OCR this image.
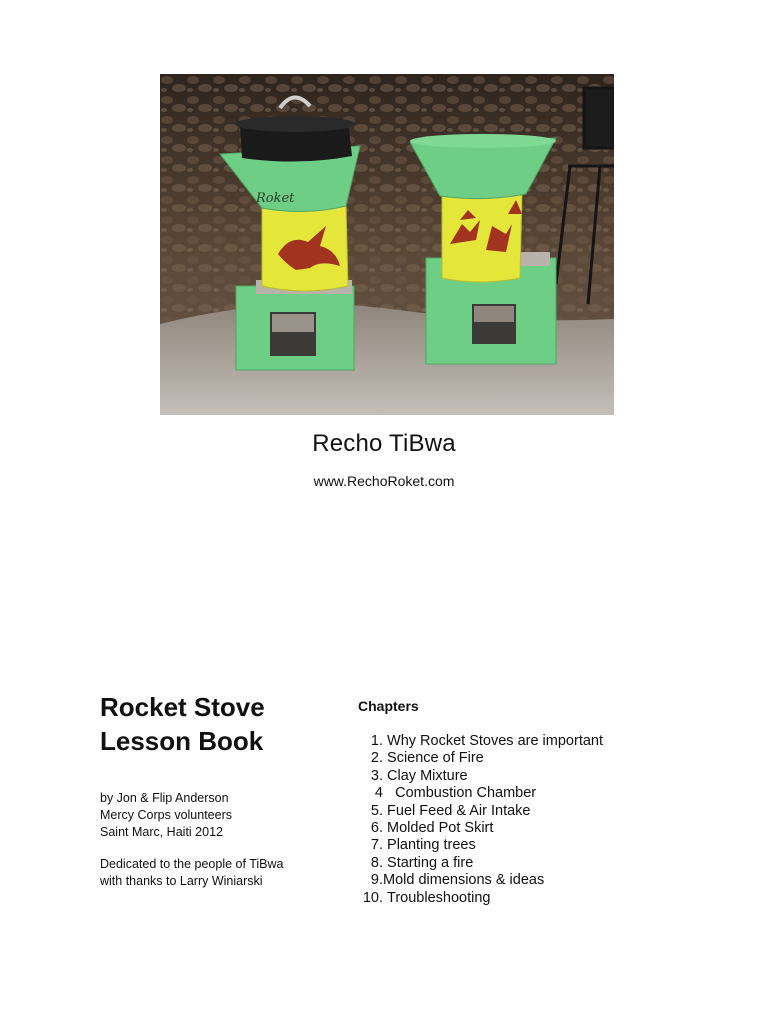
Roket
Recho TiBwa
www.RechoRoket.com
Rocket Stove
Lesson Book
by Jon & Flip Anderson
Mercy Corps volunteers
Saint Marc, Haiti 2012
Dedicated to the people of TiBwa
with thanks to Larry Winiarski
Chapters
1.
Why Rocket Stoves are important
2.
Science of Fire
3.
Clay Mixture
4
Combustion Chamber
5.
Fuel Feed & Air Intake
6.
Molded Pot Skirt
7.
Planting trees
8.
Starting a fire
9. Mold dimensions & ideas
10.
Troubleshooting
